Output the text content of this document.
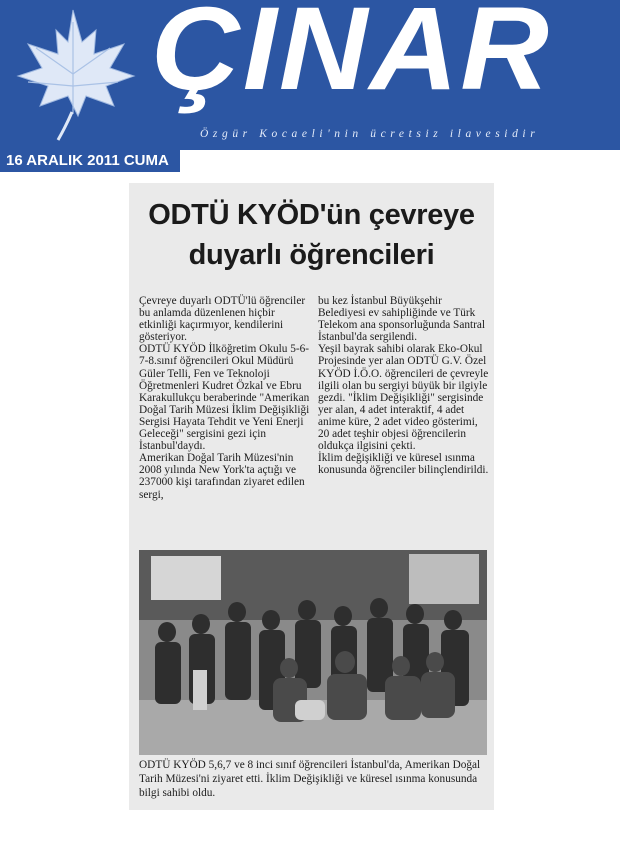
ÇINAR
Özgür Kocaeli'nin ücretsiz ilavesidir
16 ARALIK 2011 CUMA
ODTÜ KYÖD'ün çevreye
duyarlı öğrencileri

Çevreye duyarlı ODTÜ'lü öğrenciler bu anlamda düzenlenen hiçbir etkinliği kaçırmıyor, kendilerini gösteriyor.

ODTÜ KYÖD İlköğretim Okulu 5-6-7-8.sınıf öğrencileri Okul Müdürü Güler Telli, Fen ve Teknoloji Öğretmenleri Kudret Özkal ve Ebru Karakullukçu beraberinde "Amerikan Doğal Tarih Müzesi İklim Değişikliği Sergisi Hayata Tehdit ve Yeni Enerji Geleceği" sergisini gezi için İstanbul'daydı.

Amerikan Doğal Tarih Müzesi'nin 2008 yılında New York'ta açtığı ve 237000 kişi tarafından ziyaret edilen sergi,

bu kez İstanbul Büyükşehir Belediyesi ev sahipliğinde ve Türk Telekom ana sponsorluğunda Santral İstanbul'da sergilendi.

Yeşil bayrak sahibi olarak Eko-Okul Projesinde yer alan ODTÜ G.V. Özel KYÖD İ.Ö.O. öğrencileri de çevreyle ilgili olan bu sergiyi büyük bir ilgiyle gezdi. "İklim Değişikliği" sergisinde yer alan, 4 adet interaktif, 4 adet anime küre, 2 adet video gösterimi, 20 adet teşhir objesi öğrencilerin oldukça ilgisini çekti.

İklim değişikliği ve küresel ısınma konusunda öğrenciler bilinçlendirildi.

ODTÜ KYÖD 5,6,7 ve 8 inci sınıf öğrencileri İstanbul'da, Amerikan Doğal Tarih Müzesi'ni ziyaret etti. İklim Değişikliği ve küresel ısınma konusunda bilgi sahibi oldu.
